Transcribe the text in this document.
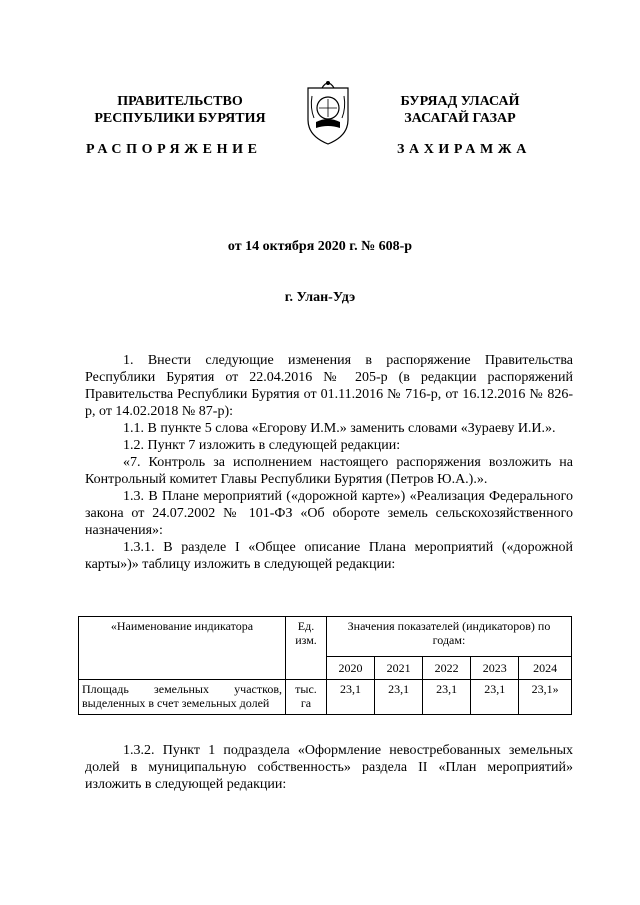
ПРАВИТЕЛЬСТВО
РЕСПУБЛИКИ БУРЯТИЯ
БУРЯАД УЛАСАЙ
ЗАСАГАЙ ГАЗАР
РАСПОРЯЖЕНИЕ	ЗАХИРАМЖА
от 14 октября 2020 г. № 608-р
г. Улан-Удэ

1. Внести следующие изменения в распоряжение Правительства Республики Бурятия от 22.04.2016 № 205-р (в редакции распоряжений Правительства Республики Бурятия от 01.11.2016 № 716-р, от 16.12.2016 № 826-р, от 14.02.2018 № 87-р):

1.1. В пункте 5 слова «Егорову И.М.» заменить словами «Зураеву И.И.».

1.2. Пункт 7 изложить в следующей редакции:

«7. Контроль за исполнением настоящего распоряжения возложить на Контрольный комитет Главы Республики Бурятия (Петров Ю.А.).».

1.3. В Плане мероприятий («дорожной карте») «Реализация Федерального закона от 24.07.2002 № 101-ФЗ «Об обороте земель сельскохозяйственного назначения»:

1.3.1. В разделе I «Общее описание Плана мероприятий («дорожной карты»)» таблицу изложить в следующей редакции:

«Наименование индикатора	Ед. изм.	Значения показателей (индикаторов) по годам:				
		2020	2021	2022	2023	2024
Площадь земельных участков, выделенных в счет земельных долей	тыс. га	23,1	23,1	23,1	23,1	23,1»

1.3.2. Пункт 1 подраздела «Оформление невостребованных земельных долей в муниципальную собственность» раздела II «План мероприятий» изложить в следующей редакции:
